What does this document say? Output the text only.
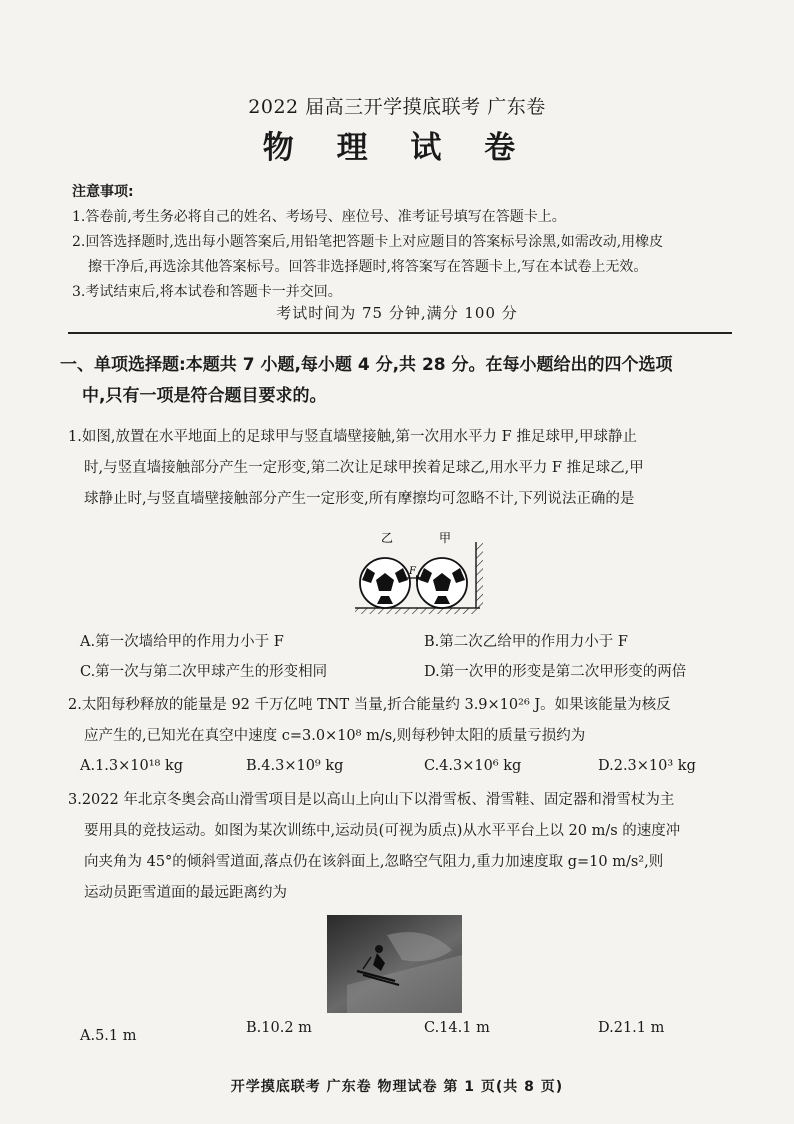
2022 届高三开学摸底联考 广东卷
物 理 试 卷
注意事项:
1.答卷前,考生务必将自己的姓名、考场号、座位号、准考证号填写在答题卡上。
2.回答选择题时,选出每小题答案后,用铅笔把答题卡上对应题目的答案标号涂黑,如需改动,用橡皮
擦干净后,再选涂其他答案标号。回答非选择题时,将答案写在答题卡上,写在本试卷上无效。
3.考试结束后,将本试卷和答题卡一并交回。
考试时间为 75 分钟,满分 100 分
一、单项选择题:本题共 7 小题,每小题 4 分,共 28 分。在每小题给出的四个选项
中,只有一项是符合题目要求的。
1.如图,放置在水平地面上的足球甲与竖直墙壁接触,第一次用水平力 F 推足球甲,甲球静止
时,与竖直墙接触部分产生一定形变,第二次让足球甲挨着足球乙,用水平力 F 推足球乙,甲
球静止时,与竖直墙壁接触部分产生一定形变,所有摩擦均可忽略不计,下列说法正确的是
乙	甲
F
A.第一次墙给甲的作用力小于 F	B.第二次乙给甲的作用力小于 F
C.第一次与第二次甲球产生的形变相同	D.第一次甲的形变是第二次甲形变的两倍
2.太阳每秒释放的能量是 92 千万亿吨 TNT 当量,折合能量约 3.9×10²⁶ J。如果该能量为核反
应产生的,已知光在真空中速度 c=3.0×10⁸ m/s,则每秒钟太阳的质量亏损约为
A.1.3×10¹⁸ kg	B.4.3×10⁹ kg	C.4.3×10⁶ kg	D.2.3×10³ kg
3.2022 年北京冬奥会高山滑雪项目是以高山上向山下以滑雪板、滑雪鞋、固定器和滑雪杖为主
要用具的竞技运动。如图为某次训练中,运动员(可视为质点)从水平平台上以 20 m/s 的速度冲
向夹角为 45°的倾斜雪道面,落点仍在该斜面上,忽略空气阻力,重力加速度取 g=10 m/s²,则
运动员距雪道面的最远距离约为
A.5.1 m	B.10.2 m	C.14.1 m	D.21.1 m
开学摸底联考 广东卷 物理试卷 第 1 页(共 8 页)
